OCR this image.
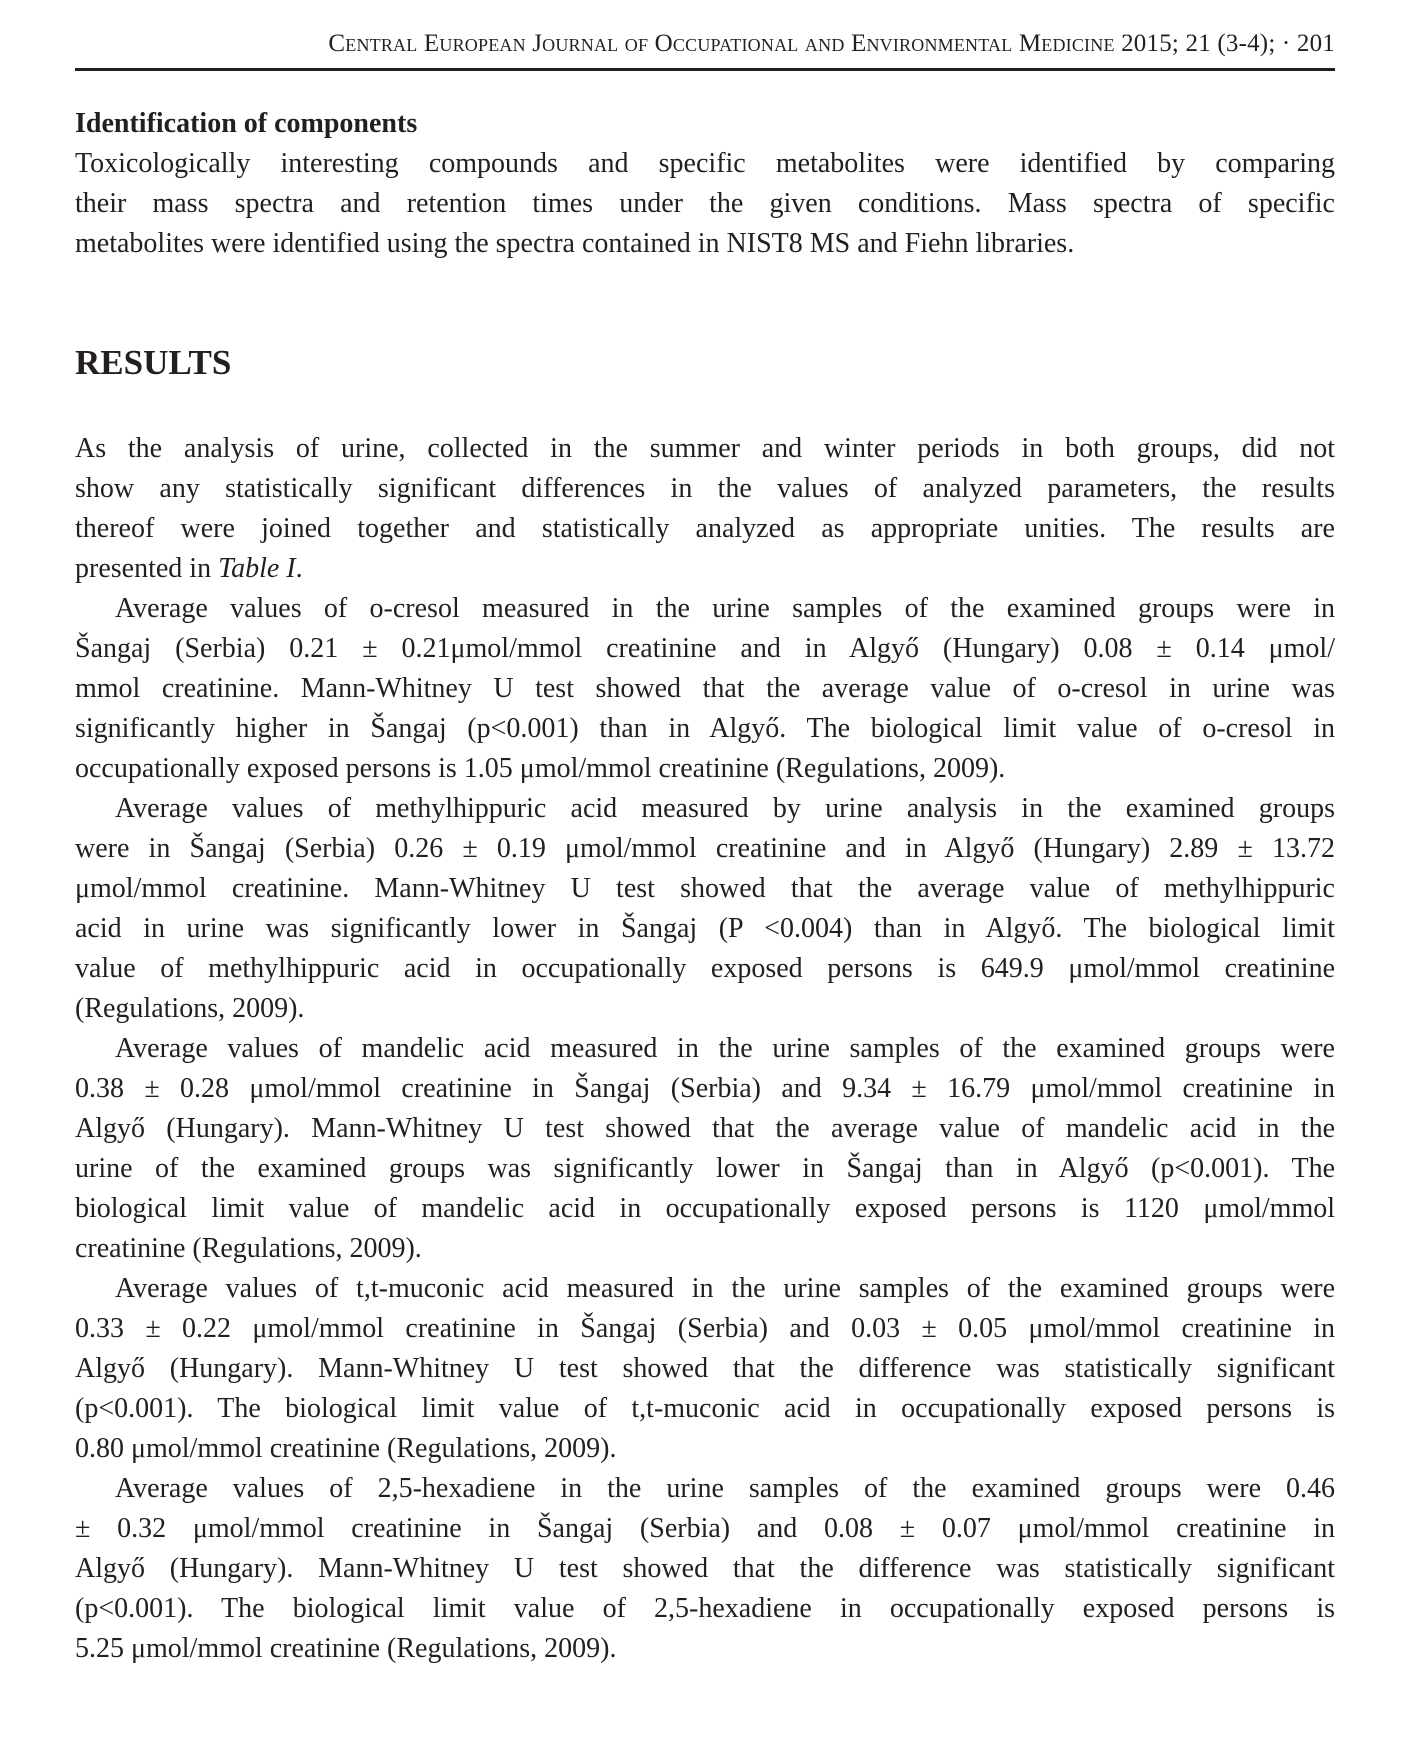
Central European Journal of Occupational and Environmental Medicine 2015; 21 (3-4); · 201
Identification of components

Toxicologically interesting compounds and specific metabolites were identified by comparing
their mass spectra and retention times under the given conditions. Mass spectra of specific
metabolites were identified using the spectra contained in NIST8 MS and Fiehn libraries.

RESULTS

As the analysis of urine, collected in the summer and winter periods in both groups, did not
show any statistically significant differences in the values of analyzed parameters, the results
thereof were joined together and statistically analyzed as appropriate unities. The results are
presented in Table I.

Average values of o-cresol measured in the urine samples of the examined groups were in
Šangaj (Serbia) 0.21 ± 0.21μmol/mmol creatinine and in Algyő (Hungary) 0.08 ± 0.14 μmol/
mmol creatinine. Mann-Whitney U test showed that the average value of o-cresol in urine was
significantly higher in Šangaj (p<0.001) than in Algyő. The biological limit value of o-cresol in
occupationally exposed persons is 1.05 μmol/mmol creatinine (Regulations, 2009).

Average values of methylhippuric acid measured by urine analysis in the examined groups
were in Šangaj (Serbia) 0.26 ± 0.19 μmol/mmol creatinine and in Algyő (Hungary) 2.89 ± 13.72
μmol/mmol creatinine. Mann-Whitney U test showed that the average value of methylhippuric
acid in urine was significantly lower in Šangaj (P <0.004) than in Algyő. The biological limit
value of methylhippuric acid in occupationally exposed persons is 649.9 μmol/mmol creatinine
(Regulations, 2009).

Average values of mandelic acid measured in the urine samples of the examined groups were
0.38 ± 0.28 μmol/mmol creatinine in Šangaj (Serbia) and 9.34 ± 16.79 μmol/mmol creatinine in
Algyő (Hungary). Mann-Whitney U test showed that the average value of mandelic acid in the
urine of the examined groups was significantly lower in Šangaj than in Algyő (p<0.001). The
biological limit value of mandelic acid in occupationally exposed persons is 1120 μmol/mmol
creatinine (Regulations, 2009).

Average values of t,t-muconic acid measured in the urine samples of the examined groups were
0.33 ± 0.22 μmol/mmol creatinine in Šangaj (Serbia) and 0.03 ± 0.05 μmol/mmol creatinine in
Algyő (Hungary). Mann-Whitney U test showed that the difference was statistically significant
(p<0.001). The biological limit value of t,t-muconic acid in occupationally exposed persons is
0.80 μmol/mmol creatinine (Regulations, 2009).

Average values of 2,5-hexadiene in the urine samples of the examined groups were 0.46
± 0.32 μmol/mmol creatinine in Šangaj (Serbia) and 0.08 ± 0.07 μmol/mmol creatinine in
Algyő (Hungary). Mann-Whitney U test showed that the difference was statistically significant
(p<0.001). The biological limit value of 2,5-hexadiene in occupationally exposed persons is
5.25 μmol/mmol creatinine (Regulations, 2009).
